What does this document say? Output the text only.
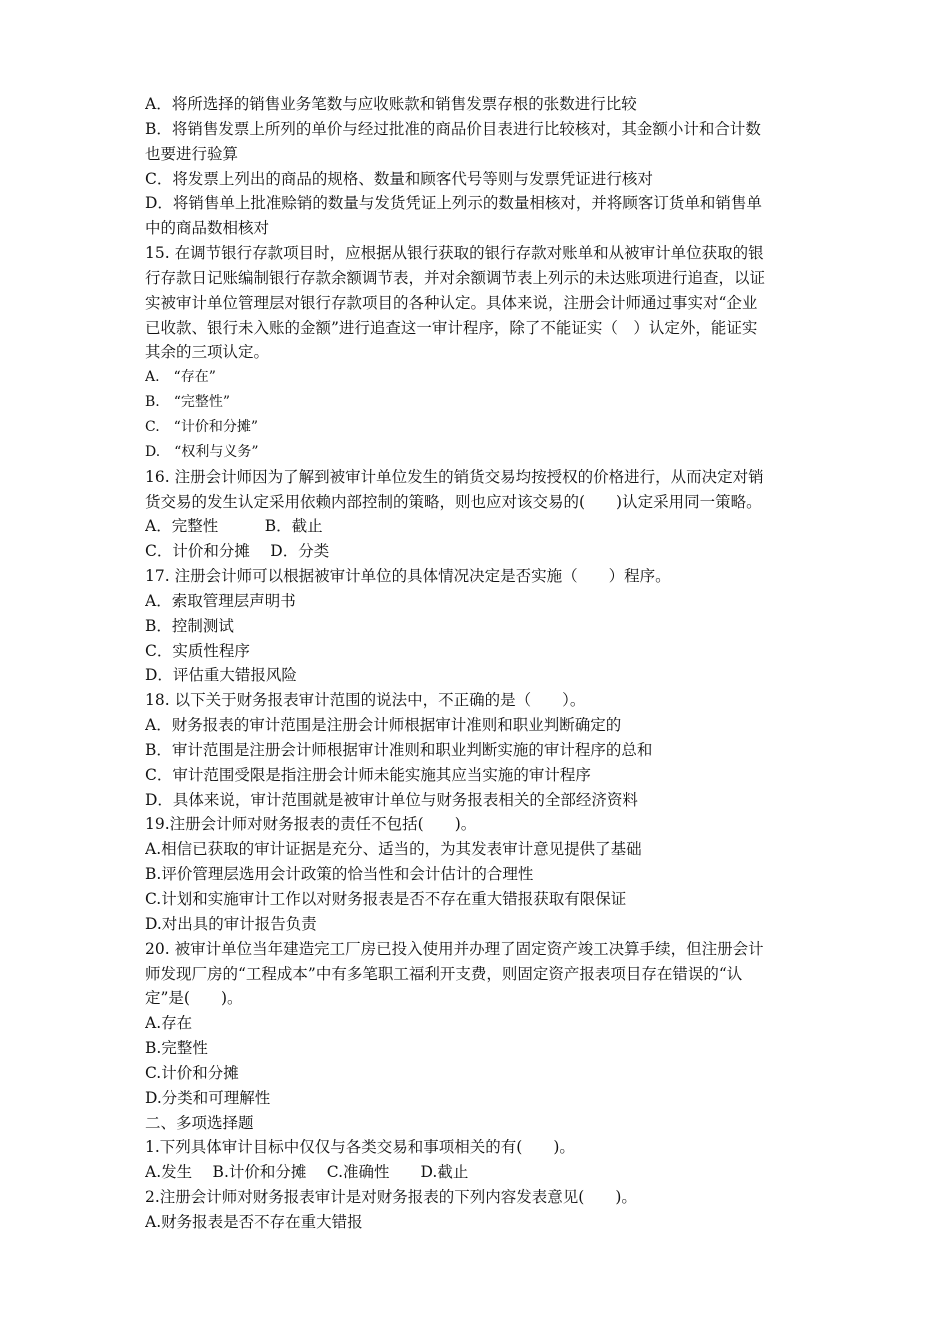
A．将所选择的销售业务笔数与应收账款和销售发票存根的张数进行比较
B．将销售发票上所列的单价与经过批准的商品价目表进行比较核对，其金额小计和合计数
也要进行验算
C．将发票上列出的商品的规格、数量和顾客代号等则与发票凭证进行核对
D．将销售单上批准赊销的数量与发货凭证上列示的数量相核对，并将顾客订货单和销售单
中的商品数相核对
15. 在调节银行存款项目时，应根据从银行获取的银行存款对账单和从被审计单位获取的银
行存款日记账编制银行存款余额调节表，并对余额调节表上列示的未达账项进行追查，以证
实被审计单位管理层对银行存款项目的各种认定。具体来说，注册会计师通过事实对“企业
已收款、银行未入账的金额”进行追查这一审计程序，除了不能证实（　）认定外，能证实
其余的三项认定。
A.　“存在”
B.　“完整性”
C.　“计价和分摊”
D.　“权利与义务”
16. 注册会计师因为了解到被审计单位发生的销货交易均按授权的价格进行，从而决定对销
货交易的发生认定采用依赖内部控制的策略，则也应对该交易的(　　)认定采用同一策略。
A．完整性　　　B．截止
C．计价和分摊　 D．分类
17. 注册会计师可以根据被审计单位的具体情况决定是否实施（　　）程序。
A．索取管理层声明书
B．控制测试
C．实质性程序
D．评估重大错报风险
18. 以下关于财务报表审计范围的说法中，不正确的是（　　）。
A．财务报表的审计范围是注册会计师根据审计准则和职业判断确定的
B．审计范围是注册会计师根据审计准则和职业判断实施的审计程序的总和
C．审计范围受限是指注册会计师未能实施其应当实施的审计程序
D．具体来说，审计范围就是被审计单位与财务报表相关的全部经济资料
19.注册会计师对财务报表的责任不包括(　　)。
A.相信已获取的审计证据是充分、适当的，为其发表审计意见提供了基础
B.评价管理层选用会计政策的恰当性和会计估计的合理性
C.计划和实施审计工作以对财务报表是否不存在重大错报获取有限保证
D.对出具的审计报告负责
20. 被审计单位当年建造完工厂房已投入使用并办理了固定资产竣工决算手续，但注册会计
师发现厂房的“工程成本”中有多笔职工福利开支费，则固定资产报表项目存在错误的“认
定”是(　　)。
A.存在
B.完整性
C.计价和分摊
D.分类和可理解性
二、多项选择题
1.下列具体审计目标中仅仅与各类交易和事项相关的有(　　)。
A.发生　 B.计价和分摊　 C.准确性　　D.截止
2.注册会计师对财务报表审计是对财务报表的下列内容发表意见(　　)。
A.财务报表是否不存在重大错报
